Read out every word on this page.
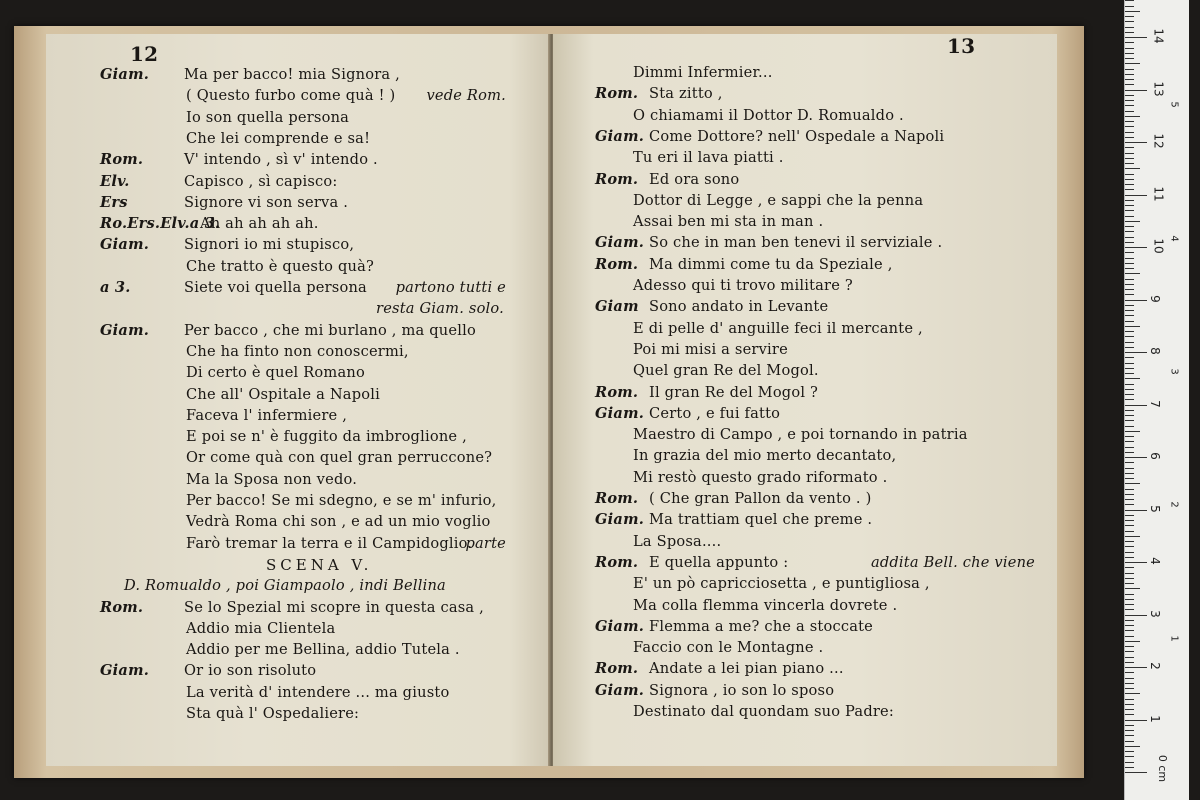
12
Giam. Ma per bacco! mia Signora ,
( Questo furbo come quà ! ) vede Rom.
Io son quella persona
Che lei comprende e sa!
Rom.	V' intendo , sì v' intendo .
Elv.	Capisco , sì capisco:
Ers	Signore vi son serva .
Ro.Ers.Elv.a 3.
Ah ah ah ah ah.
Giam. Signori io mi stupisco,
Che tratto è questo quà?
a 3.	Siete voi quella persona partono tutti e
resta Giam. solo.
Giam. Per bacco , che mi burlano , ma quello
Che ha finto non conoscermi,
Di certo è quel Romano
Che all' Ospitale a Napoli
Faceva l' infermiere ,
E poi se n' è fuggito da imbroglione ,
Or come quà con quel gran perruccone?
Ma la Sposa non vedo.
Per bacco! Se mi sdegno, e se m' infurio,
Vedrà Roma chi son , e ad un mio voglio
Farò tremar la terra e il Campidoglio.
parte
SCENA V.
D. Romualdo , poi Giampaolo , indi Bellina
Rom.	Se lo Spezial mi scopre in questa casa ,
Addio mia Clientela
Addio per me Bellina, addio Tutela .
Giam. Or io son risoluto
La verità d' intendere ... ma giusto
Sta quà l' Ospedaliere:
13
Dimmi Infermier...
Rom. Sta zitto ,
O chiamami il Dottor D. Romualdo .
Giam. Come Dottore? nell' Ospedale a Napoli
Tu eri il lava piatti .
Rom. Ed ora sono
Dottor di Legge , e sappi che la penna
Assai ben mi sta in man .
Giam. So che in man ben tenevi il serviziale .
Rom. Ma dimmi come tu da Speziale ,
Adesso qui ti trovo militare ?
Giam Sono andato in Levante
E di pelle d' anguille feci il mercante ,
Poi mi misi a servire
Quel gran Re del Mogol.
Rom. Il gran Re del Mogol ?
Giam. Certo , e fui fatto
Maestro di Campo , e poi tornando in patria
In grazia del mio merto decantato,
Mi restò questo grado riformato .
Rom. ( Che gran Pallon da vento . )
Giam. Ma trattiam quel che preme .
La Sposa....
Rom. E quella appunto :	addita Bell. che viene
E' un pò capricciosetta , e puntigliosa ,
Ma colla flemma vincerla dovrete .
Giam. Flemma a me? che a stoccate
Faccio con le Montagne .
Rom. Andate a lei pian piano ...
Giam. Signora , io son lo sposo
Destinato dal quondam suo Padre:
0 cm
1
2
3
4
5
6
7
8
9
10
11
12
13
14
1
2
3
4
5
